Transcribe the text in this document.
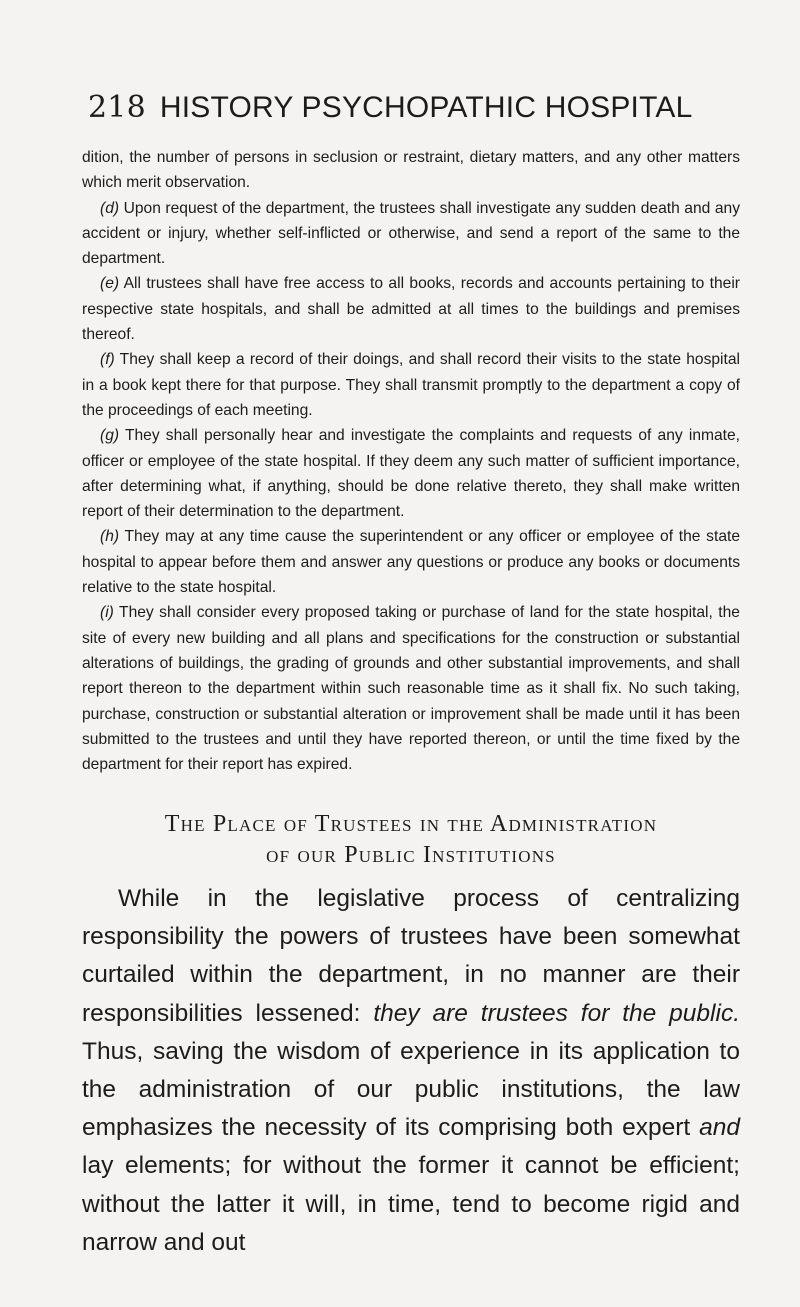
218 HISTORY PSYCHOPATHIC HOSPITAL

dition, the number of persons in seclusion or restraint, dietary matters, and any other matters which merit observation.

(d) Upon request of the department, the trustees shall investigate any sudden death and any accident or injury, whether self-inflicted or otherwise, and send a report of the same to the department.

(e) All trustees shall have free access to all books, records and accounts pertaining to their respective state hospitals, and shall be admitted at all times to the buildings and premises thereof.

(f) They shall keep a record of their doings, and shall record their visits to the state hospital in a book kept there for that purpose. They shall transmit promptly to the department a copy of the proceedings of each meeting.

(g) They shall personally hear and investigate the complaints and requests of any inmate, officer or employee of the state hospital. If they deem any such matter of sufficient importance, after determining what, if anything, should be done relative thereto, they shall make written report of their determination to the department.

(h) They may at any time cause the superintendent or any officer or employee of the state hospital to appear before them and answer any questions or produce any books or documents relative to the state hospital.

(i) They shall consider every proposed taking or purchase of land for the state hospital, the site of every new building and all plans and specifications for the construction or substantial alterations of buildings, the grading of grounds and other substantial improvements, and shall report thereon to the department within such reasonable time as it shall fix. No such taking, purchase, construction or substantial alteration or improvement shall be made until it has been submitted to the trustees and until they have reported thereon, or until the time fixed by the department for their report has expired.

The Place of Trustees in the Administration
of our Public Institutions

While in the legislative process of centralizing responsibility the powers of trustees have been somewhat curtailed within the department, in no manner are their responsibilities lessened: they are trustees for the public. Thus, saving the wisdom of experience in its application to the administration of our public institutions, the law emphasizes the necessity of its comprising both expert and lay elements; for without the former it cannot be efficient; without the latter it will, in time, tend to become rigid and narrow and out
